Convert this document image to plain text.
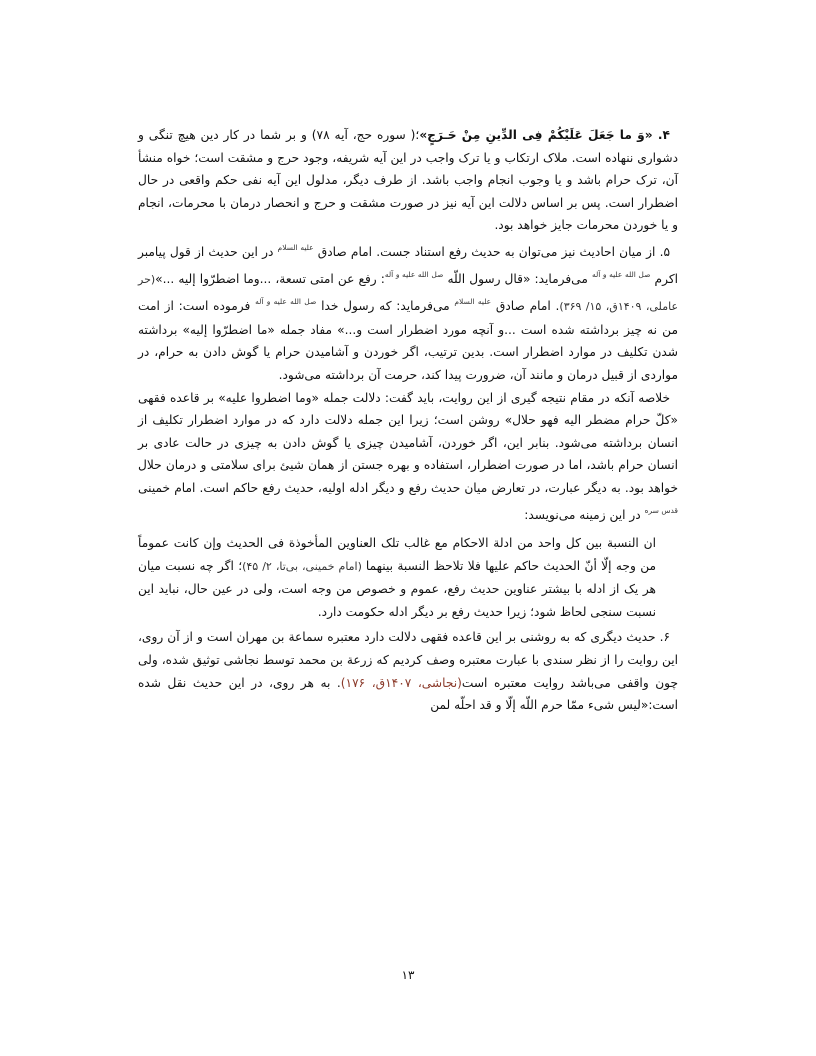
۴. «وَ ما جَعَلَ عَلَیْکُمْ فِی الدِّینِ مِنْ حَـرَجٍ»؛( سوره حج، آیه ۷۸) و بر شما در کار دین هیچ تنگی و دشواری ننهاده است. ملاک ارتکاب و یا ترک واجب در این آیه شریفه، وجود حرج و مشقت است؛ خواه منشأ آن، ترک حرام باشد و یا وجوب انجام واجب باشد. از طرف دیگر، مدلول این آیه نفی حکم واقعی در حال اضطرار است. پس بر اساس دلالت این آیه نیز در صورت مشقت و حرج و انحصار درمان با محرمات، انجام و یا خوردن محرمات جایز خواهد بود.

۵. از میان احادیث نیز می‌توان به حدیث رفع استناد جست. امام صادق $^{علیه السلام}$ در این حدیث از قول پیامبر اکرم $^{صل الله علیه و آله}$ می‌فرماید: «قال رسول اللّه $^{صل الله علیه و آله}$: رفع عن امتی تسعة، ...وما اضطرّوا إلیه ...»(حر عاملی، ۱۴۰۹ق، ۱۵/ ۳۶۹). امام صادق $^{علیه السلام}$ می‌فرماید: که رسول خدا $^{صل الله علیه و آله}$ فرموده است: از امت من نه چیز برداشته شده است ...و آنچه مورد اضطرار است و...» مفاد جمله «ما اضطرّوا إلیه» برداشته شدن تکلیف در موارد اضطرار است. بدین ترتیب، اگر خوردن و آشامیدن حرام یا گوش دادن به حرام، در مواردی از قبیل درمان و مانند آن، ضرورت پیدا کند، حرمت آن برداشته می‌شود.

خلاصه آنکه در مقام نتیجه گیری از این روایت، باید گفت: دلالت جمله «وما اضطروا علیه» بر قاعده فقهی «کلّ حرام مضطر الیه فهو حلال» روشن است؛ زیرا این جمله دلالت دارد که در موارد اضطرار تکلیف از انسان برداشته می‌شود. بنابر این، اگر خوردن، آشامیدن چیزی یا گوش دادن به چیزی در حالت عادی بر انسان حرام باشد، اما در صورت اضطرار، استفاده و بهره جستن از همان شیئ برای سلامتی و درمان حلال خواهد بود. به دیگر عبارت، در تعارض میان حدیث رفع و دیگر ادله اولیه، حدیث رفع حاکم است. امام خمینی $^{قدس سره}$ در این زمینه می‌نویسد:

ان النسبة بین کل واحد من ادلة الاحکام مع غالب تلک العناوین المأخوذة فی الحدیث وإن کانت عموماً من وجه إلّا أنّ الحدیث حاکم علیها فلا تلاحظ النسبة بینهما (امام خمینی، بی‌تا، ۲/ ۴۵)؛ اگر چه نسبت میان هر یک از ادله با بیشتر عناوین حدیث رفع، عموم و خصوص من وجه است، ولی در عین حال، نباید این نسبت سنجی لحاظ شود؛ زیرا حدیث رفع بر دیگر ادله حکومت دارد.

۶. حدیث دیگری که به روشنی بر این قاعده فقهی دلالت دارد معتبره سماعة بن مهران است و از آن روی، این روایت را از نظر سندی با عبارت معتبره وصف کردیم که زرعة بن محمد توسط نجاشی توثیق شده، ولی چون واقفی می‌باشد روایت معتبره است(نجاشی، ۱۴۰۷ق، ۱۷۶). به هر روی، در این حدیث نقل شده است:«لیس شیء ممّا حرم اللّه إلّا و قد احلّه لمن

۱۳
